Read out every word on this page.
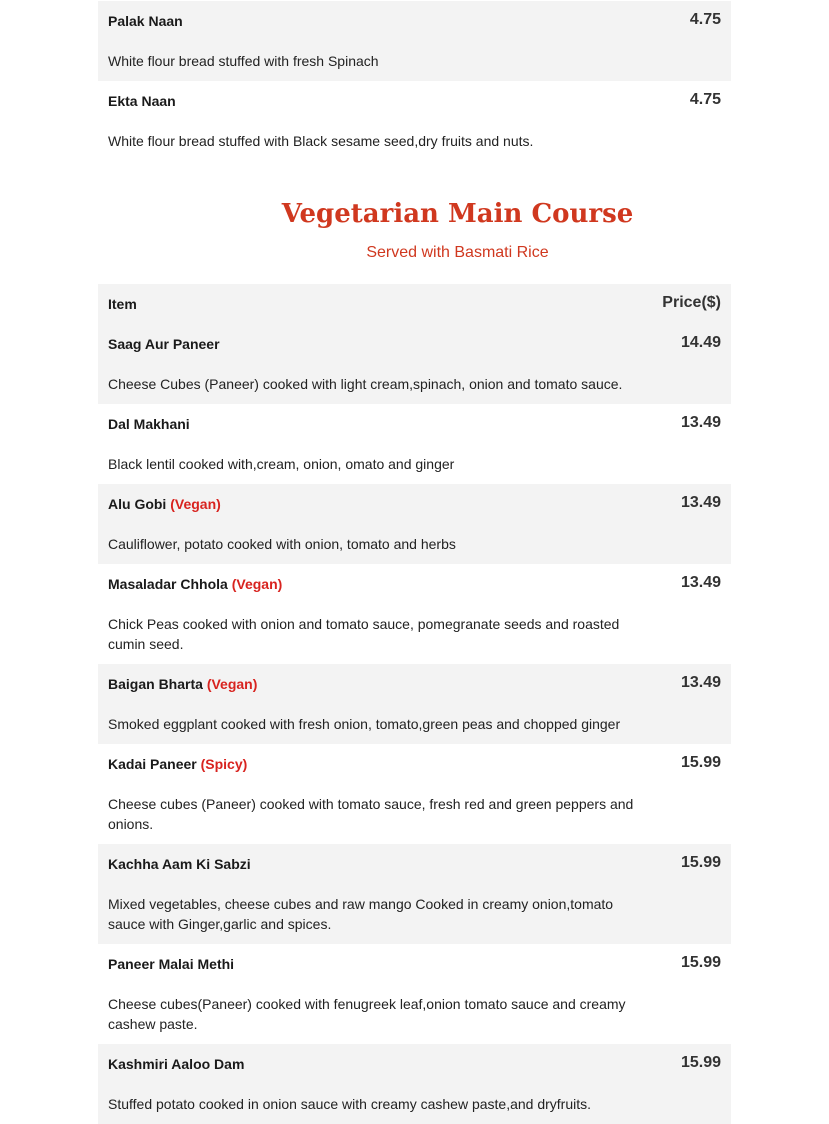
Palak Naan	4.75
White flour bread stuffed with fresh Spinach
Ekta Naan	4.75
White flour bread stuffed with Black sesame seed,dry fruits and nuts.
Vegetarian Main Course
Served with Basmati Rice
Item	Price($)
Saag Aur Paneer	14.49
Cheese Cubes (Paneer) cooked with light cream,spinach, onion and tomato sauce.
Dal Makhani	13.49
Black lentil cooked with,cream, onion, omato and ginger
Alu Gobi (Vegan)	13.49
Cauliflower, potato cooked with onion, tomato and herbs
Masaladar Chhola (Vegan)	13.49
Chick Peas cooked with onion and tomato sauce, pomegranate seeds and roasted cumin seed.
Baigan Bharta (Vegan)	13.49
Smoked eggplant cooked with fresh onion, tomato,green peas and chopped ginger
Kadai Paneer (Spicy)	15.99
Cheese cubes (Paneer) cooked with tomato sauce, fresh red and green peppers and onions.
Kachha Aam Ki Sabzi	15.99
Mixed vegetables, cheese cubes and raw mango Cooked in creamy onion,tomato sauce with Ginger,garlic and spices.
Paneer Malai Methi	15.99
Cheese cubes(Paneer) cooked with fenugreek leaf,onion tomato sauce and creamy cashew paste.
Kashmiri Aaloo Dam	15.99
Stuffed potato cooked in onion sauce with creamy cashew paste,and dryfruits.
